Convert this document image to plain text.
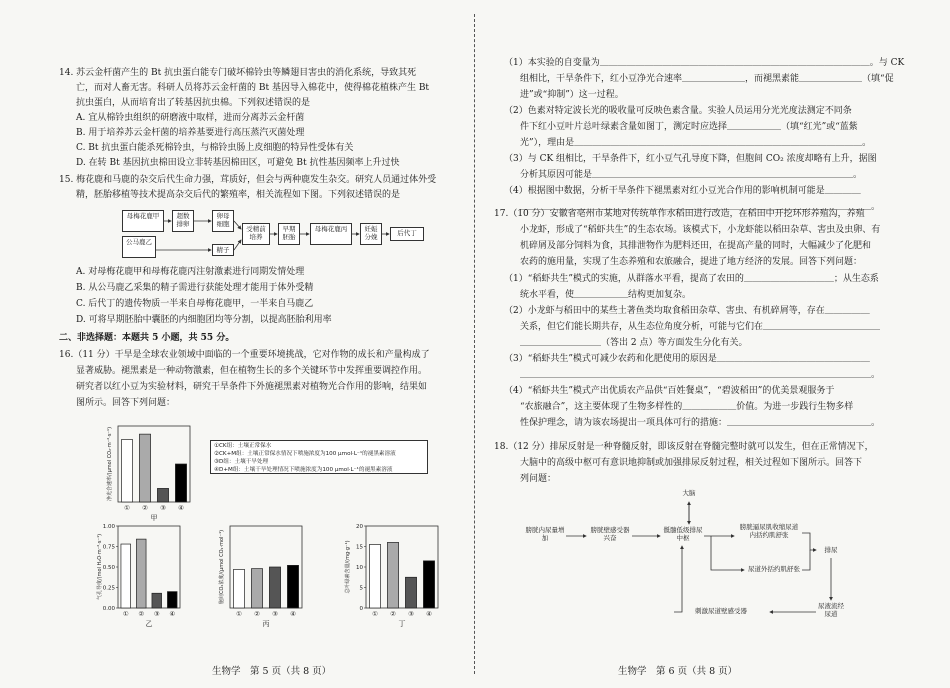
14. 苏云金杆菌产生的 Bt 抗虫蛋白能专门破坏棉铃虫等鳞翅目害虫的消化系统，导致其死
亡，而对人畜无害。科研人员将苏云金杆菌的 Bt 基因导入棉花中，使得棉花植株产生 Bt
抗虫蛋白，从而培育出了转基因抗虫棉。下列叙述错误的是
A. 宜从棉铃虫组织的研磨液中取样，进而分离苏云金杆菌
B. 用于培养苏云金杆菌的培养基要进行高压蒸汽灭菌处理
C. Bt 抗虫蛋白能杀死棉铃虫，与棉铃虫肠上皮细胞的特异性受体有关
D. 在转 Bt 基因抗虫棉田设立非转基因棉田区，可避免 Bt 抗性基因频率上升过快
15. 梅花鹿和马鹿的杂交后代生命力强，茸质好，但会与两种鹿发生杂交。研究人员通过体外受
精，胚胎移植等技术提高杂交后代的繁殖率，相关流程如下图。下列叙述错误的是
母梅花鹿甲	超数排卵
卵母细胞
受精前培养
早期胚胎
母梅花鹿丙	妊娠分娩	后代丁
公马鹿乙
精子
A. 对母梅花鹿甲和母梅花鹿丙注射激素进行同期发情处理
B. 从公马鹿乙采集的精子需进行获能处理才能用于体外受精
C. 后代丁的遗传物质一半来自母梅花鹿甲，一半来自马鹿乙
D. 可将早期胚胎中囊胚的内细胞团均等分割，以提高胚胎利用率
二、非选择题：本题共 5 小题，共 55 分。
16.（11 分）干旱是全球农业领域中面临的一个重要环境挑战，它对作物的成长和产量构成了
显著威胁。褪黑素是一种动物激素，但在植物生长的多个关键环节中发挥重要调控作用。
研究者以红小豆为实验材料，研究干旱条件下外施褪黑素对植物光合作用的影响，结果如
图所示。回答下列问题：
① ② ③ ④
甲
净光合速率/(μmol CO₂·m⁻²·s⁻¹)	①CK组：土壤正常保水
②CK+M组：土壤正常保水情况下喷施浓度为100 μmol·L⁻¹的褪黑素溶液
③D组：土壤干旱处理
④D+M组：土壤干旱处理情况下喷施浓度为100 μmol·L⁻¹的褪黑素溶液
0.00
0.25
0.50
0.75
1.00
① ② ③ ④
乙
气孔导度/(mol H₂O·m⁻²·s⁻¹)
① ② ③ ④
丙
胞间CO₂浓度/(μmol CO₂·mol⁻¹)
0
5
10
15
20
① ② ③ ④
丁
总叶绿素含量/(mg·g⁻¹)
生物学　第 5 页（共 8 页）
（1）本实验的自变量为＿＿＿＿＿＿＿＿＿＿＿＿＿＿＿＿＿＿＿＿＿＿＿＿＿＿＿＿＿＿。与 CK
组相比，干旱条件下，红小豆净光合速率＿＿＿＿＿＿＿，而褪黑素能＿＿＿＿＿＿＿（填“促
进”或“抑制”）这一过程。
（2）色素对特定波长光的吸收量可反映色素含量。实验人员运用分光光度法测定不同条
件下红小豆叶片总叶绿素含量如图丁，测定时应选择＿＿＿＿＿＿（填“红光”或“蓝紫
光”），理由是＿＿＿＿＿＿＿＿＿＿＿＿＿＿＿＿＿＿＿＿＿＿＿＿＿＿＿＿＿＿＿＿。
（3）与 CK 组相比，干旱条件下，红小豆气孔导度下降，但胞间 CO₂ 浓度却略有上升，据图
分析其原因可能是＿＿＿＿＿＿＿＿＿＿＿＿＿＿＿＿＿＿＿＿＿＿＿＿＿＿＿＿＿。
（4）根据图中数据，分析干旱条件下褪黑素对红小豆光合作用的影响机制可能是＿＿＿＿
＿＿＿＿＿＿＿＿＿＿＿＿＿＿＿＿＿＿＿＿＿＿＿＿＿＿＿＿＿＿＿＿＿＿＿＿＿＿＿。
17.（10 分）安徽省亳州市某地对传统单作水稻田进行改造，在稻田中开挖环形养殖沟，养殖
小龙虾，形成了“稻虾共生”的生态农场。该模式下，小龙虾能以稻田杂草、害虫及虫卵、有
机碎屑及部分饲料为食，其排泄物作为肥料还田，在提高产量的同时，大幅减少了化肥和
农药的施用量，实现了生态养殖和农旅融合，提进了地方经济的发展。回答下列问题：
（1）“稻虾共生”模式的实施，从群落水平看，提高了农田的＿＿＿＿＿＿＿＿＿＿；从生态系
统水平看，使＿＿＿＿＿＿结构更加复杂。
（2）小龙虾与稻田中的某些土著鱼类均取食稻田杂草、害虫、有机碎屑等，存在＿＿＿＿＿
关系，但它们能长期共存，从生态位角度分析，可能与它们在＿＿＿＿＿＿＿＿＿＿＿＿＿
＿＿＿＿＿＿＿＿＿（答出 2 点）等方面发生分化有关。
（3）“稻虾共生”模式可减少农药和化肥使用的原因是＿＿＿＿＿＿＿＿＿＿＿＿＿＿＿＿＿
＿＿＿＿＿＿＿＿＿＿＿＿＿＿＿＿＿＿＿＿＿＿＿＿＿＿＿＿＿＿＿＿＿＿＿＿＿＿＿。
（4）“稻虾共生”模式产出优质农产品供“百姓餐桌”，“碧波稻田”的优美景观服务于
“农旅融合”，这主要体现了生物多样性的＿＿＿＿＿＿价值。为进一步践行生物多样
性保护理念，请为该农场提出一项具体可行的措施：＿＿＿＿＿＿＿＿＿＿＿＿＿＿＿＿。
18.（12 分）排尿反射是一种脊髓反射，即该反射在脊髓完整时就可以发生，但在正常情况下，
大脑中的高级中枢可有意识地抑制或加强排尿反射过程，相关过程如下图所示。回答下
列问题：
大脑
膀胱内尿量增加
膀胱壁感受器兴奋
骶髓低级排尿中枢
膀胱逼尿肌收缩尿道内括约肌舒张
排尿
尿道外括约肌舒张
刺激尿道壁感受器
尿液流经尿道
生物学　第 6 页（共 8 页）
